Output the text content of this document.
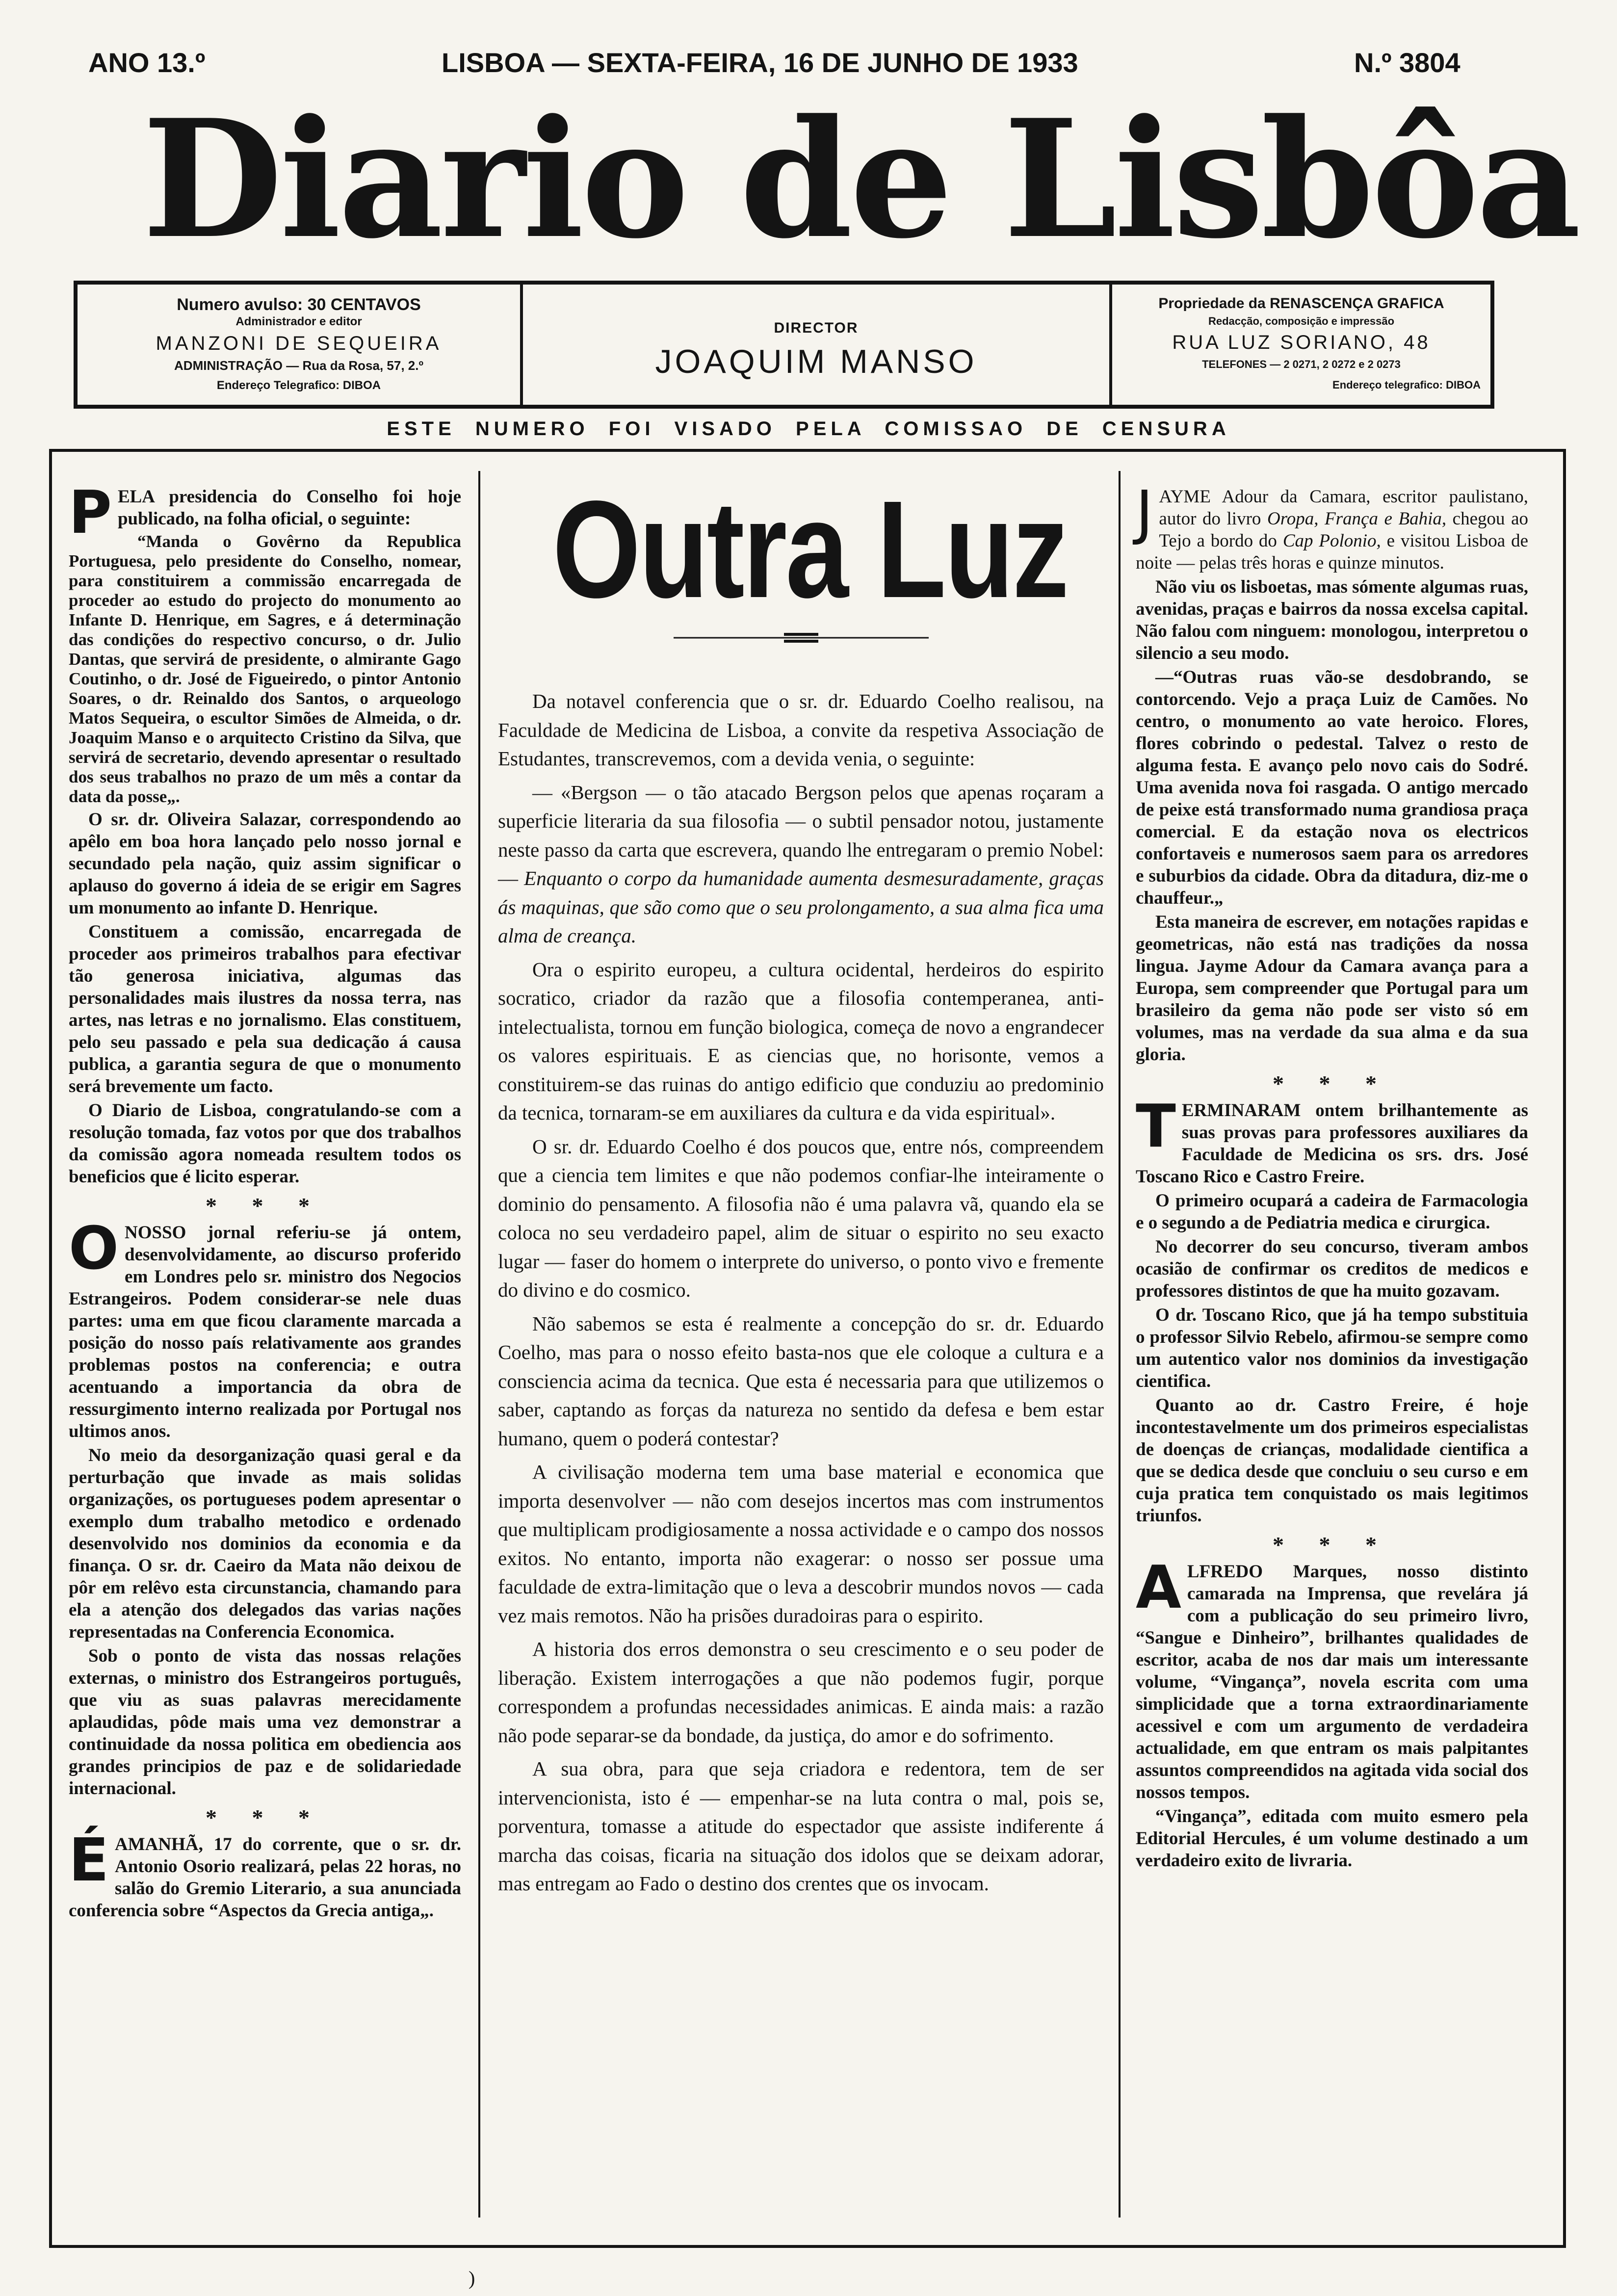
ANO 13.º	LISBOA — SEXTA-FEIRA, 16 DE JUNHO DE 1933	N.º 3804
Diario de Lisbôa
Numero avulso: 30 CENTAVOS
Administrador e editor
MANZONI DE SEQUEIRA
ADMINISTRAÇÃO — Rua da Rosa, 57, 2.º
Endereço Telegrafico: DIBOA
DIRECTOR
JOAQUIM MANSO
Propriedade da RENASCENÇA GRAFICA
Redacção, composição e impressão
RUA LUZ SORIANO, 48
TELEFONES — 2 0271, 2 0272 e 2 0273
Endereço telegrafico: DIBOA
ESTE NUMERO FOI VISADO PELA COMISSAO DE CENSURA

PELA presidencia do Conselho foi hoje publicado, na folha oficial, o seguinte:

“Manda o Govêrno da Republica Portuguesa, pelo presidente do Conselho, nomear, para constituirem a commissão encarregada de proceder ao estudo do projecto do monumento ao Infante D. Henrique, em Sagres, e á determinação das condições do respectivo concurso, o dr. Julio Dantas, que servirá de presidente, o almirante Gago Coutinho, o dr. José de Figueiredo, o pintor Antonio Soares, o dr. Reinaldo dos Santos, o arqueologo Matos Sequeira, o escultor Simões de Almeida, o dr. Joaquim Manso e o arquitecto Cristino da Silva, que servirá de secretario, devendo apresentar o resultado dos seus trabalhos no prazo de um mês a contar da data da posse„.

O sr. dr. Oliveira Salazar, correspondendo ao apêlo em boa hora lançado pelo nosso jornal e secundado pela nação, quiz assim significar o aplauso do governo á ideia de se erigir em Sagres um monumento ao infante D. Henrique.

Constituem a comissão, encarregada de proceder aos primeiros trabalhos para efectivar tão generosa iniciativa, algumas das personalidades mais ilustres da nossa terra, nas artes, nas letras e no jornalismo. Elas constituem, pelo seu passado e pela sua dedicação á causa publica, a garantia segura de que o monumento será brevemente um facto.

O Diario de Lisboa, congratulando-se com a resolução tomada, faz votos por que dos trabalhos da comissão agora nomeada resultem todos os beneficios que é licito esperar.

* * *

ONOSSO jornal referiu-se já ontem, desenvolvidamente, ao discurso proferido em Londres pelo sr. ministro dos Negocios Estrangeiros. Podem considerar-se nele duas partes: uma em que ficou claramente marcada a posição do nosso país relativamente aos grandes problemas postos na conferencia; e outra acentuando a importancia da obra de ressurgimento interno realizada por Portugal nos ultimos anos.

No meio da desorganização quasi geral e da perturbação que invade as mais solidas organizações, os portugueses podem apresentar o exemplo dum trabalho metodico e ordenado desenvolvido nos dominios da economia e da finança. O sr. dr. Caeiro da Mata não deixou de pôr em relêvo esta circunstancia, chamando para ela a atenção dos delegados das varias nações representadas na Conferencia Economica.

Sob o ponto de vista das nossas relações externas, o ministro dos Estrangeiros português, que viu as suas palavras merecidamente aplaudidas, pôde mais uma vez demonstrar a continuidade da nossa politica em obediencia aos grandes principios de paz e de solidariedade internacional.

* * *

ÉAMANHÃ, 17 do corrente, que o sr. dr. Antonio Osorio realizará, pelas 22 horas, no salão do Gremio Literario, a sua anunciada conferencia sobre “Aspectos da Grecia antiga„.

Outra Luz

Da notavel conferencia que o sr. dr. Eduardo Coelho realisou, na Faculdade de Medicina de Lisboa, a convite da respetiva Associação de Estudantes, transcrevemos, com a devida venia, o seguinte:

— «Bergson — o tão atacado Bergson pelos que apenas roçaram a superficie literaria da sua filosofia — o subtil pensador notou, justamente neste passo da carta que escrevera, quando lhe entregaram o premio Nobel: — Enquanto o corpo da humanidade aumenta desmesuradamente, graças ás maquinas, que são como que o seu prolongamento, a sua alma fica uma alma de creança.

Ora o espirito europeu, a cultura ocidental, herdeiros do espirito socratico, criador da razão que a filosofia contemperanea, anti-intelectualista, tornou em função biologica, começa de novo a engrandecer os valores espirituais. E as ciencias que, no horisonte, vemos a constituirem-se das ruinas do antigo edificio que conduziu ao predominio da tecnica, tornaram-se em auxiliares da cultura e da vida espiritual».

O sr. dr. Eduardo Coelho é dos poucos que, entre nós, compreendem que a ciencia tem limites e que não podemos confiar-lhe inteiramente o dominio do pensamento. A filosofia não é uma palavra vã, quando ela se coloca no seu verdadeiro papel, alim de situar o espirito no seu exacto lugar — faser do homem o interprete do universo, o ponto vivo e fremente do divino e do cosmico.

Não sabemos se esta é realmente a concepção do sr. dr. Eduardo Coelho, mas para o nosso efeito basta-nos que ele coloque a cultura e a consciencia acima da tecnica. Que esta é necessaria para que utilizemos o saber, captando as forças da natureza no sentido da defesa e bem estar humano, quem o poderá contestar?

A civilisação moderna tem uma base material e economica que importa desenvolver — não com desejos incertos mas com instrumentos que multiplicam prodigiosamente a nossa actividade e o campo dos nossos exitos. No entanto, importa não exagerar: o nosso ser possue uma faculdade de extra-limitação que o leva a descobrir mundos novos — cada vez mais remotos. Não ha prisões duradoiras para o espirito.

A historia dos erros demonstra o seu crescimento e o seu poder de liberação. Existem interrogações a que não podemos fugir, porque correspondem a profundas necessidades animicas. E ainda mais: a razão não pode separar-se da bondade, da justiça, do amor e do sofrimento.

A sua obra, para que seja criadora e redentora, tem de ser intervencionista, isto é — empenhar-se na luta contra o mal, pois se, porventura, tomasse a atitude do espectador que assiste indiferente á marcha das coisas, ficaria na situação dos idolos que se deixam adorar, mas entregam ao Fado o destino dos crentes que os invocam.

JAYME Adour da Camara, escritor paulistano, autor do livro Oropa, França e Bahia, chegou ao Tejo a bordo do Cap Polonio, e visitou Lisboa de noite — pelas três horas e quinze minutos.

Não viu os lisboetas, mas sómente algumas ruas, avenidas, praças e bairros da nossa excelsa capital. Não falou com ninguem: monologou, interpretou o silencio a seu modo.

—“Outras ruas vão-se desdobrando, se contorcendo. Vejo a praça Luiz de Camões. No centro, o monumento ao vate heroico. Flores, flores cobrindo o pedestal. Talvez o resto de alguma festa. E avanço pelo novo cais do Sodré. Uma avenida nova foi rasgada. O antigo mercado de peixe está transformado numa grandiosa praça comercial. E da estação nova os electricos confortaveis e numerosos saem para os arredores e suburbios da cidade. Obra da ditadura, diz-me o chauffeur.„

Esta maneira de escrever, em notações rapidas e geometricas, não está nas tradições da nossa lingua. Jayme Adour da Camara avança para a Europa, sem compreender que Portugal para um brasileiro da gema não pode ser visto só em volumes, mas na verdade da sua alma e da sua gloria.

* * *

TERMINARAM ontem brilhantemente as suas provas para professores auxiliares da Faculdade de Medicina os srs. drs. José Toscano Rico e Castro Freire.

O primeiro ocupará a cadeira de Farmacologia e o segundo a de Pediatria medica e cirurgica.

No decorrer do seu concurso, tiveram ambos ocasião de confirmar os creditos de medicos e professores distintos de que ha muito gozavam.

O dr. Toscano Rico, que já ha tempo substituia o professor Silvio Rebelo, afirmou-se sempre como um autentico valor nos dominios da investigação cientifica.

Quanto ao dr. Castro Freire, é hoje incontestavelmente um dos primeiros especialistas de doenças de crianças, modalidade cientifica a que se dedica desde que concluiu o seu curso e em cuja pratica tem conquistado os mais legitimos triunfos.

* * *

ALFREDO Marques, nosso distinto camarada na Imprensa, que revelára já com a publicação do seu primeiro livro, “Sangue e Dinheiro”, brilhantes qualidades de escritor, acaba de nos dar mais um interessante volume, “Vingança”, novela escrita com uma simplicidade que a torna extraordinariamente acessivel e com um argumento de verdadeira actualidade, em que entram os mais palpitantes assuntos compreendidos na agitada vida social dos nossos tempos.

“Vingança”, editada com muito esmero pela Editorial Hercules, é um volume destinado a um verdadeiro exito de livraria.

)
